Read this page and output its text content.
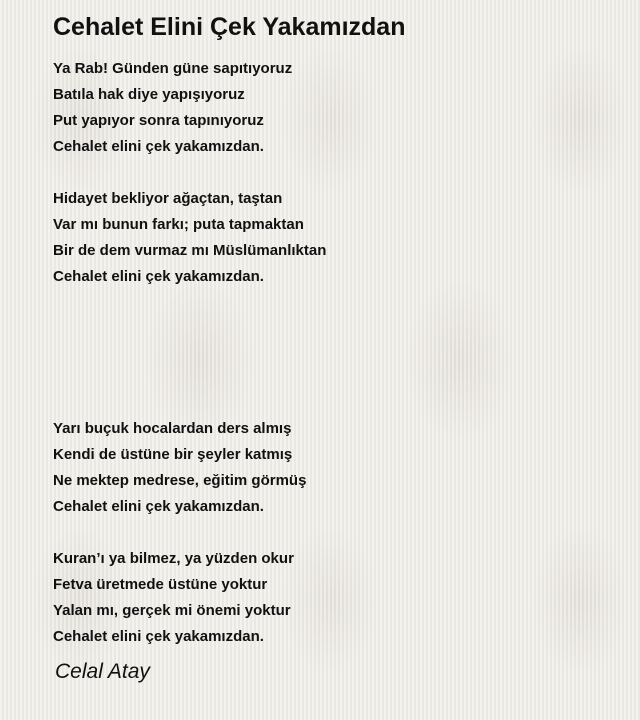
Cehalet Elini Çek Yakamızdan
Ya Rab! Günden güne sapıtıyoruz
Batıla hak diye yapışıyoruz
Put yapıyor sonra tapınıyoruz
Cehalet elini çek yakamızdan.
Hidayet bekliyor ağaçtan, taştan
Var mı bunun farkı; puta tapmaktan
Bir de dem vurmaz mı Müslümanlıktan
Cehalet elini çek yakamızdan.
Yarı buçuk hocalardan ders almış
Kendi de üstüne bir şeyler katmış
Ne mektep medrese, eğitim görmüş
Cehalet elini çek yakamızdan.
Kuran’ı ya bilmez, ya yüzden okur
Fetva üretmede üstüne yoktur
Yalan mı, gerçek mi önemi yoktur
Cehalet elini çek yakamızdan.
Celal Atay
